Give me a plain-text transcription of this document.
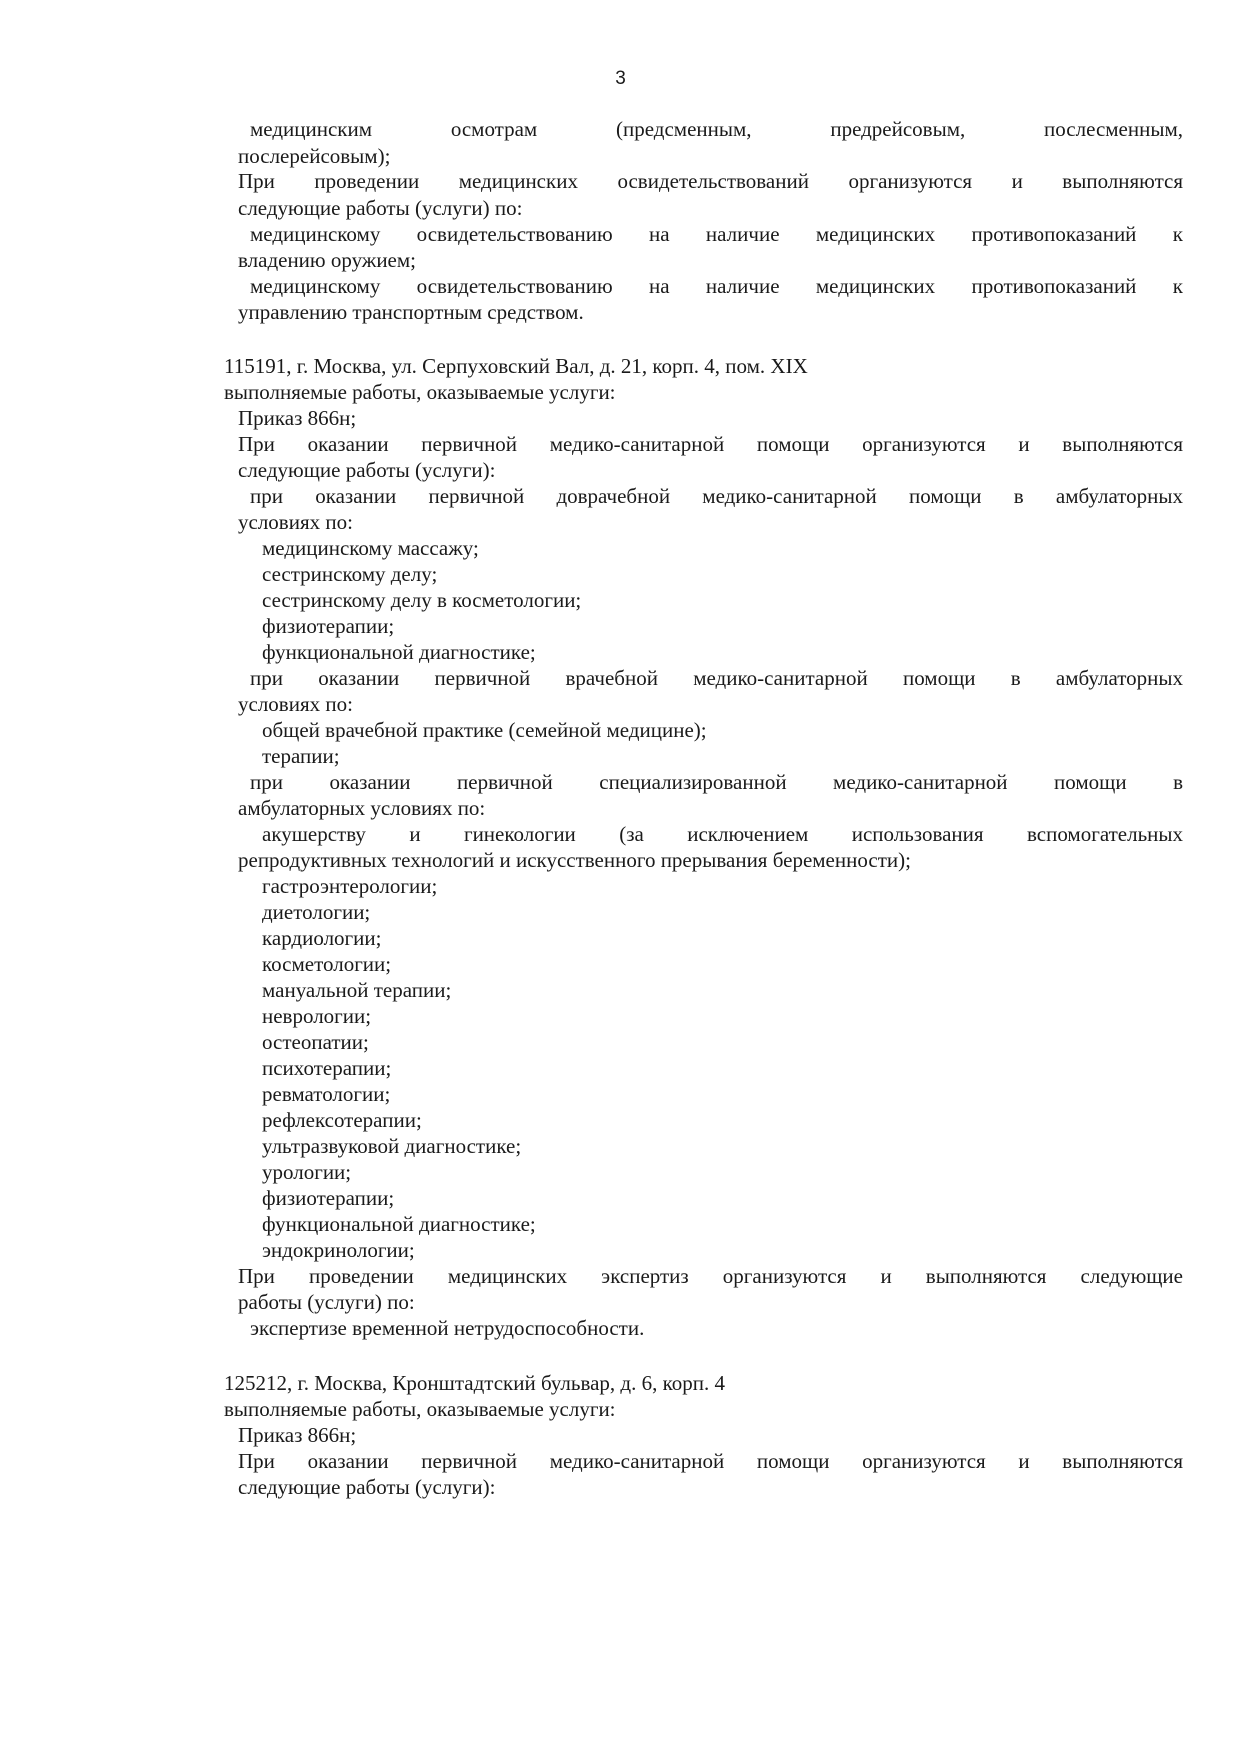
3
медицинским осмотрам (предсменным, предрейсовым, послесменным,
послерейсовым);
При проведении медицинских освидетельствований организуются и выполняются
следующие работы (услуги) по:
медицинскому освидетельствованию на наличие медицинских противопоказаний к
владению оружием;
медицинскому освидетельствованию на наличие медицинских противопоказаний к
управлению транспортным средством.
115191, г. Москва, ул. Серпуховский Вал, д. 21, корп. 4, пом. XIX
выполняемые работы, оказываемые услуги:
Приказ 866н;
При оказании первичной медико-санитарной помощи организуются и выполняются
следующие работы (услуги):
при оказании первичной доврачебной медико-санитарной помощи в амбулаторных
условиях по:
медицинскому массажу;
сестринскому делу;
сестринскому делу в косметологии;
физиотерапии;
функциональной диагностике;
при оказании первичной врачебной медико-санитарной помощи в амбулаторных
условиях по:
общей врачебной практике (семейной медицине);
терапии;
при оказании первичной специализированной медико-санитарной помощи в
амбулаторных условиях по:
акушерству и гинекологии (за исключением использования вспомогательных
репродуктивных технологий и искусственного прерывания беременности);
гастроэнтерологии;
диетологии;
кардиологии;
косметологии;
мануальной терапии;
неврологии;
остеопатии;
психотерапии;
ревматологии;
рефлексотерапии;
ультразвуковой диагностике;
урологии;
физиотерапии;
функциональной диагностике;
эндокринологии;
При проведении медицинских экспертиз организуются и выполняются следующие
работы (услуги) по:
экспертизе временной нетрудоспособности.
125212, г. Москва, Кронштадтский бульвар, д. 6, корп. 4
выполняемые работы, оказываемые услуги:
Приказ 866н;
При оказании первичной медико-санитарной помощи организуются и выполняются
следующие работы (услуги):
